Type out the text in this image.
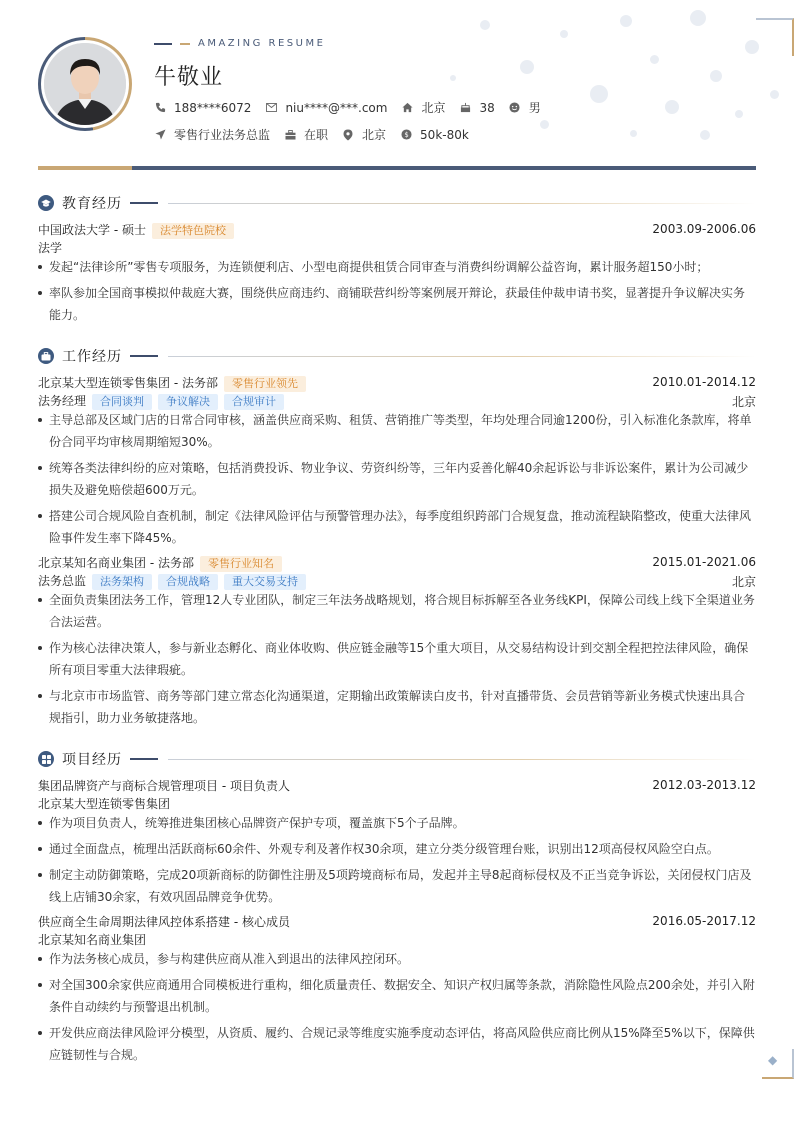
◆
AMAZING RESUME
牛敬业
188****6072	niu****@***.com	北京	38	男
零售行业法务总监	在职	北京 $ 50k-80k
教育经历
中国政法大学 - 硕士 法学特色院校	2003.09-2006.06
法学
发起“法律诊所”零售专项服务，为连锁便利店、小型电商提供租赁合同审查与消费纠纷调解公益咨询，累计服务超150小时；
率队参加全国商事模拟仲裁庭大赛，围绕供应商违约、商铺联营纠纷等案例展开辩论，获最佳仲裁申请书奖，显著提升争议解决实务能力。
工作经历
北京某大型连锁零售集团 - 法务部 零售行业领先	2010.01-2014.12
法务经理 合同谈判 争议解决 合规审计	北京
主导总部及区域门店的日常合同审核，涵盖供应商采购、租赁、营销推广等类型，年均处理合同逾1200份，引入标准化条款库，将单份合同平均审核周期缩短30%。
统筹各类法律纠纷的应对策略，包括消费投诉、物业争议、劳资纠纷等，三年内妥善化解40余起诉讼与非诉讼案件，累计为公司减少损失及避免赔偿超600万元。
搭建公司合规风险自查机制，制定《法律风险评估与预警管理办法》，每季度组织跨部门合规复盘，推动流程缺陷整改，使重大法律风险事件发生率下降45%。
北京某知名商业集团 - 法务部 零售行业知名	2015.01-2021.06
法务总监 法务架构 合规战略 重大交易支持	北京
全面负责集团法务工作，管理12人专业团队，制定三年法务战略规划，将合规目标拆解至各业务线KPI，保障公司线上线下全渠道业务合法运营。
作为核心法律决策人，参与新业态孵化、商业体收购、供应链金融等15个重大项目，从交易结构设计到交割全程把控法律风险，确保所有项目零重大法律瑕疵。
与北京市市场监管、商务等部门建立常态化沟通渠道，定期输出政策解读白皮书，针对直播带货、会员营销等新业务模式快速出具合规指引，助力业务敏捷落地。
项目经历
集团品牌资产与商标合规管理项目 - 项目负责人	2012.03-2013.12
北京某大型连锁零售集团
作为项目负责人，统筹推进集团核心品牌资产保护专项，覆盖旗下5个子品牌。
通过全面盘点，梳理出活跃商标60余件、外观专利及著作权30余项，建立分类分级管理台账，识别出12项高侵权风险空白点。
制定主动防御策略，完成20项新商标的防御性注册及5项跨境商标布局，发起并主导8起商标侵权及不正当竞争诉讼，关闭侵权门店及线上店铺30余家，有效巩固品牌竞争优势。
供应商全生命周期法律风控体系搭建 - 核心成员	2016.05-2017.12
北京某知名商业集团
作为法务核心成员，参与构建供应商从准入到退出的法律风控闭环。
对全国300余家供应商通用合同模板进行重构，细化质量责任、数据安全、知识产权归属等条款，消除隐性风险点200余处，并引入附条件自动续约与预警退出机制。
开发供应商法律风险评分模型，从资质、履约、合规记录等维度实施季度动态评估，将高风险供应商比例从15%降至5%以下，保障供应链韧性与合规。
